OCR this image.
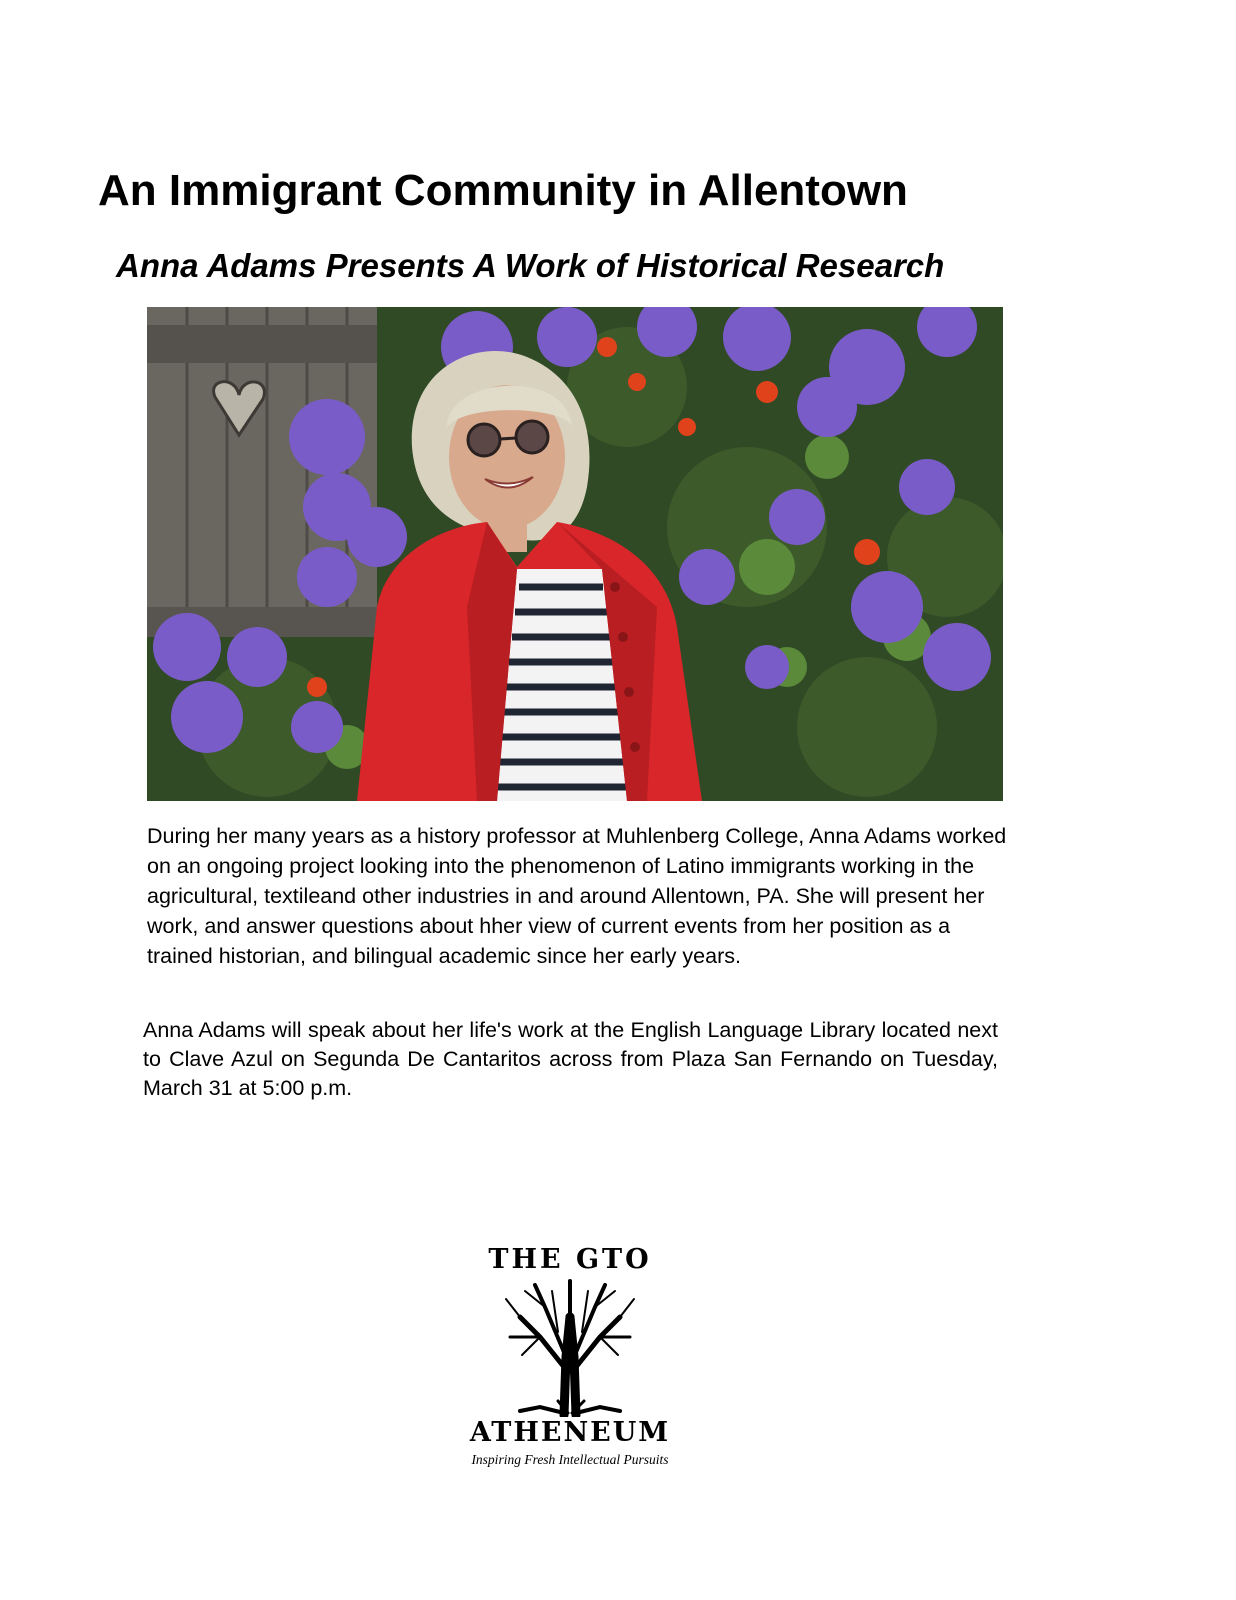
An Immigrant Community in Allentown
Anna Adams Presents A Work of Historical Research

During her many years as a history professor at Muhlenberg College, Anna Adams worked on an ongoing project looking into the phenomenon of Latino immigrants working in the agricultural, textileand other industries in and around Allentown, PA. She will present her work, and answer questions about hher view of current events from her position as a trained historian, and bilingual academic since her early years.

Anna Adams will speak about her life's work at the English Language Library located next to Clave Azul on Segunda De Cantaritos across from Plaza San Fernando on Tuesday, March 31 at 5:00 p.m.

THE GTO
ATHENEUM
Inspiring Fresh Intellectual Pursuits
